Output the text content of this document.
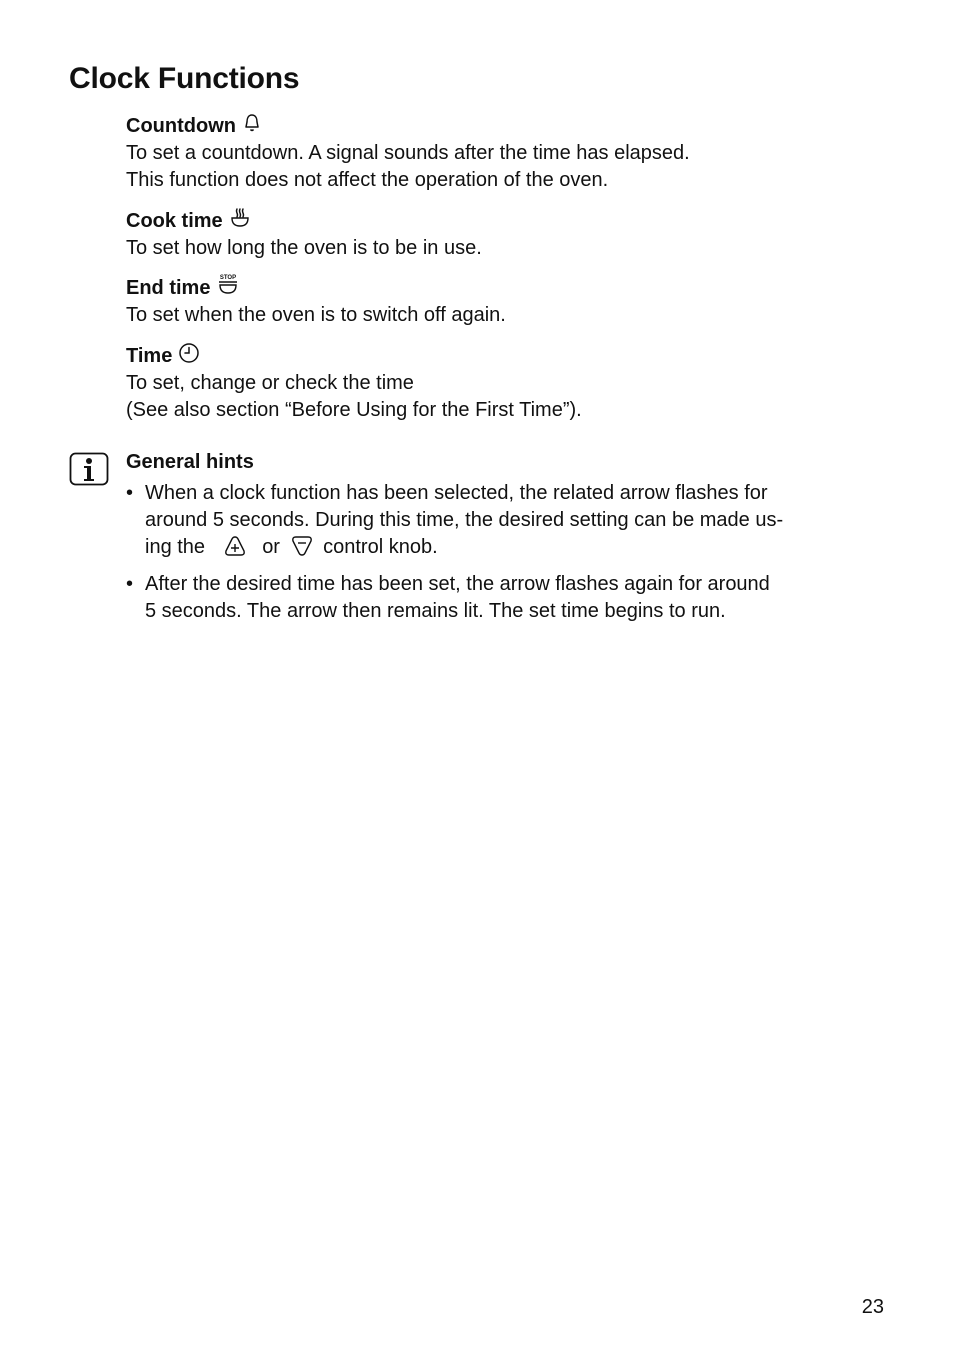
Clock Functions
Countdown
To set a countdown. A signal sounds after the time has elapsed.
This function does not affect the operation of the oven.
Cook time
To set how long the oven is to be in use.
End time STOP
To set when the oven is to switch off again.
Time
To set, change or check the time
(See also section “Before Using for the First Time”).
General hints
• When a clock function has been selected, the related arrow flashes for
around 5 seconds. During this time, the desired setting can be made us-
ing the	or control knob.
• After the desired time has been set, the arrow flashes again for around
5 seconds. The arrow then remains lit. The set time begins to run.
23
